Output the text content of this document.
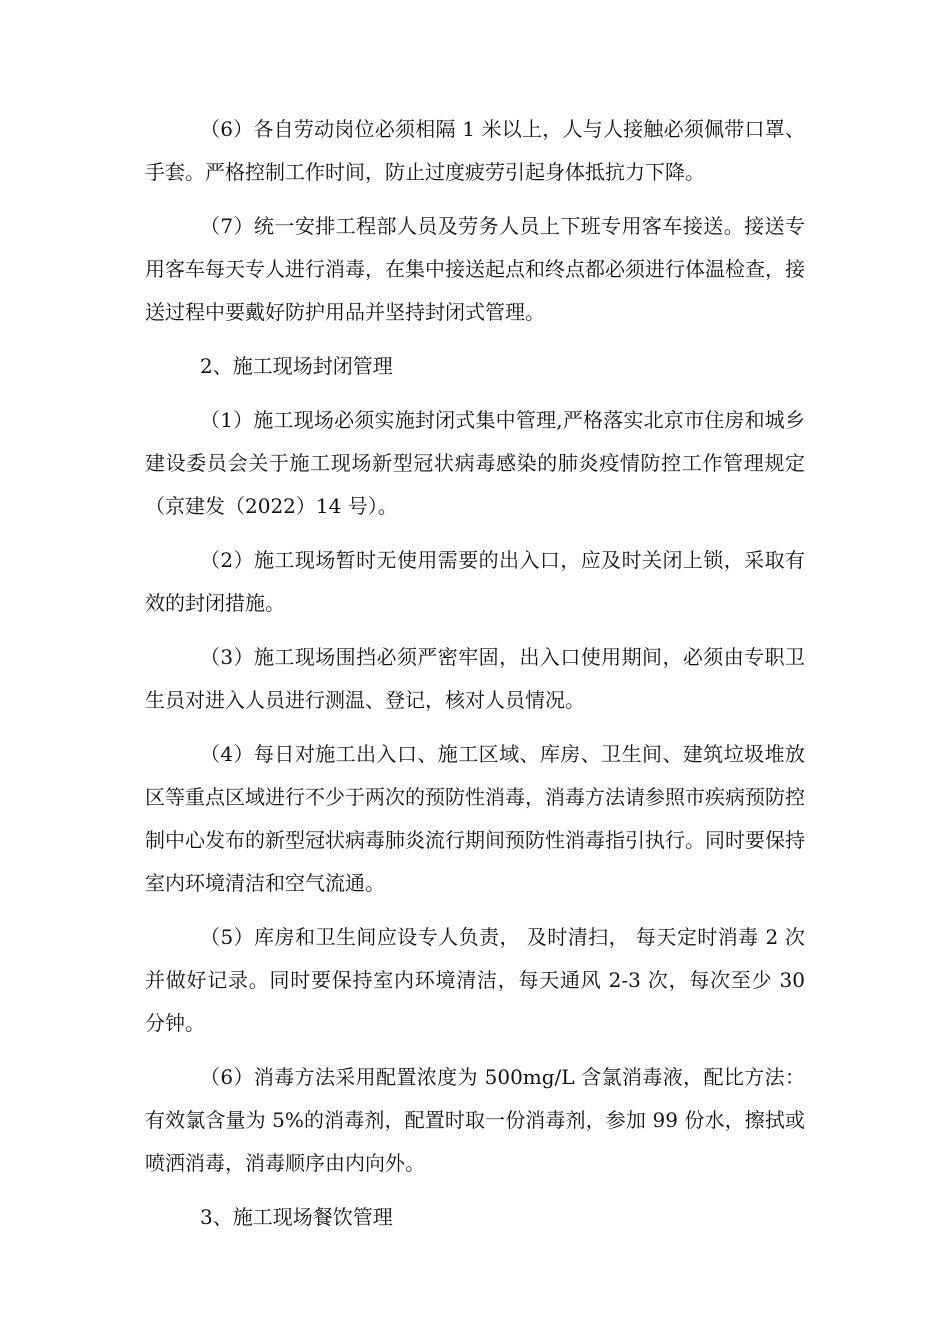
（6）各自劳动岗位必须相隔 1 米以上，人与人接触必须佩带口罩、手套。严格控制工作时间，防止过度疲劳引起身体抵抗力下降。

（7）统一安排工程部人员及劳务人员上下班专用客车接送。接送专用客车每天专人进行消毒，在集中接送起点和终点都必须进行体温检查，接送过程中要戴好防护用品并坚持封闭式管理。

2、施工现场封闭管理

（1）施工现场必须实施封闭式集中管理,严格落实北京市住房和城乡建设委员会关于施工现场新型冠状病毒感染的肺炎疫情防控工作管理规定（京建发（2022）14 号）。

（2）施工现场暂时无使用需要的出入口，应及时关闭上锁，采取有效的封闭措施。

（3）施工现场围挡必须严密牢固，出入口使用期间，必须由专职卫生员对进入人员进行测温、登记，核对人员情况。

（4）每日对施工出入口、施工区域、库房、卫生间、建筑垃圾堆放区等重点区域进行不少于两次的预防性消毒，消毒方法请参照市疾病预防控制中心发布的新型冠状病毒肺炎流行期间预防性消毒指引执行。同时要保持室内环境清洁和空气流通。

（5）库房和卫生间应设专人负责， 及时清扫， 每天定时消毒 2 次并做好记录。同时要保持室内环境清洁，每天通风 2-3 次，每次至少 30 分钟。

（6）消毒方法采用配置浓度为 500mg/L 含氯消毒液，配比方法：有效氯含量为 5%的消毒剂，配置时取一份消毒剂，参加 99 份水，擦拭或喷洒消毒，消毒顺序由内向外。

3、施工现场餐饮管理
